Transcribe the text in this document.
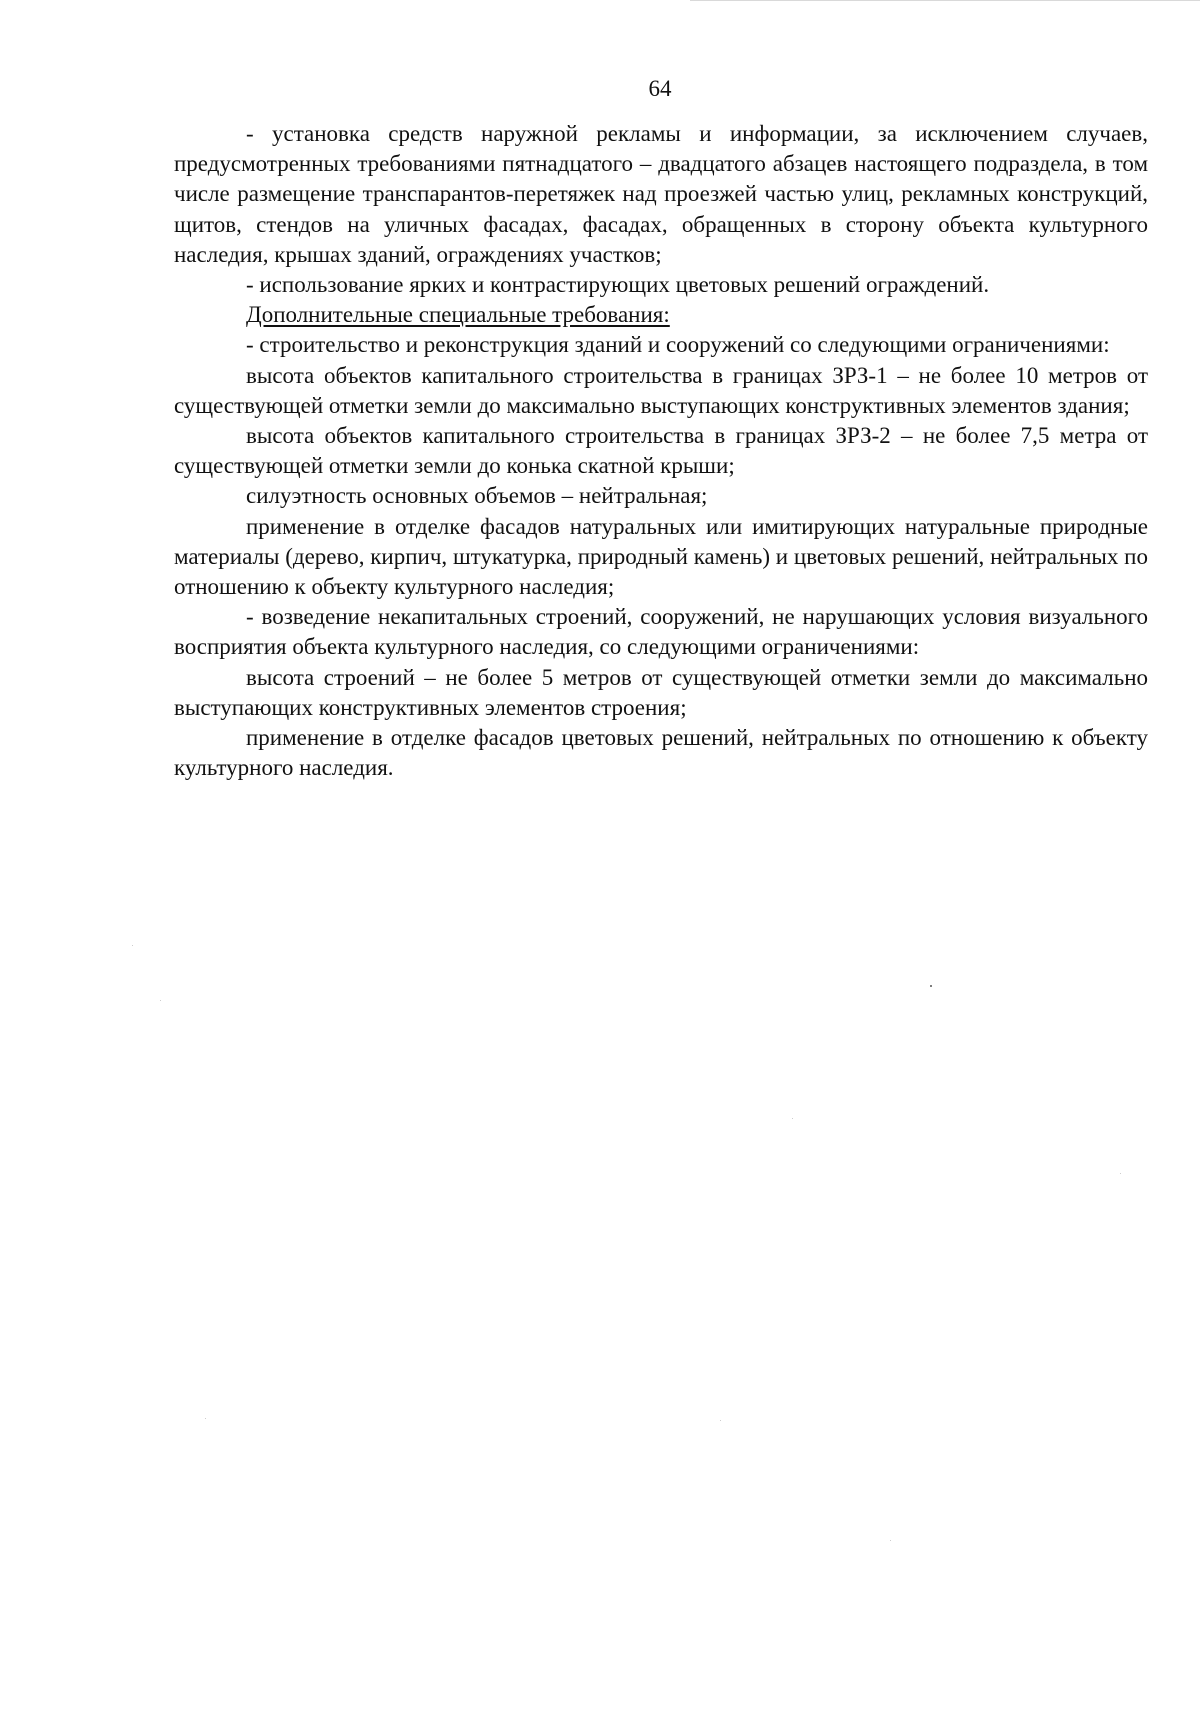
64

- установка средств наружной рекламы и информации, за исключением случаев, предусмотренных требованиями пятнадцатого – двадцатого абзацев настоящего подраздела, в том числе размещение транспарантов-перетяжек над проезжей частью улиц, рекламных конструкций, щитов, стендов на уличных фасадах, фасадах, обращенных в сторону объекта культурного наследия, крышах зданий, ограждениях участков;

- использование ярких и контрастирующих цветовых решений ограждений.

Дополнительные специальные требования:

- строительство и реконструкция зданий и сооружений со следующими ограничениями:

высота объектов капитального строительства в границах ЗРЗ-1 – не более 10 метров от существующей отметки земли до максимально выступающих конструктивных элементов здания;

высота объектов капитального строительства в границах ЗРЗ-2 – не более 7,5 метра от существующей отметки земли до конька скатной крыши;

силуэтность основных объемов – нейтральная;

применение в отделке фасадов натуральных или имитирующих натуральные природные материалы (дерево, кирпич, штукатурка, природный камень) и цветовых решений, нейтральных по отношению к объекту культурного наследия;

- возведение некапитальных строений, сооружений, не нарушающих условия визуального восприятия объекта культурного наследия, со следующими ограничениями:

высота строений – не более 5 метров от существующей отметки земли до максимально выступающих конструктивных элементов строения;

применение в отделке фасадов цветовых решений, нейтральных по отношению к объекту культурного наследия.
